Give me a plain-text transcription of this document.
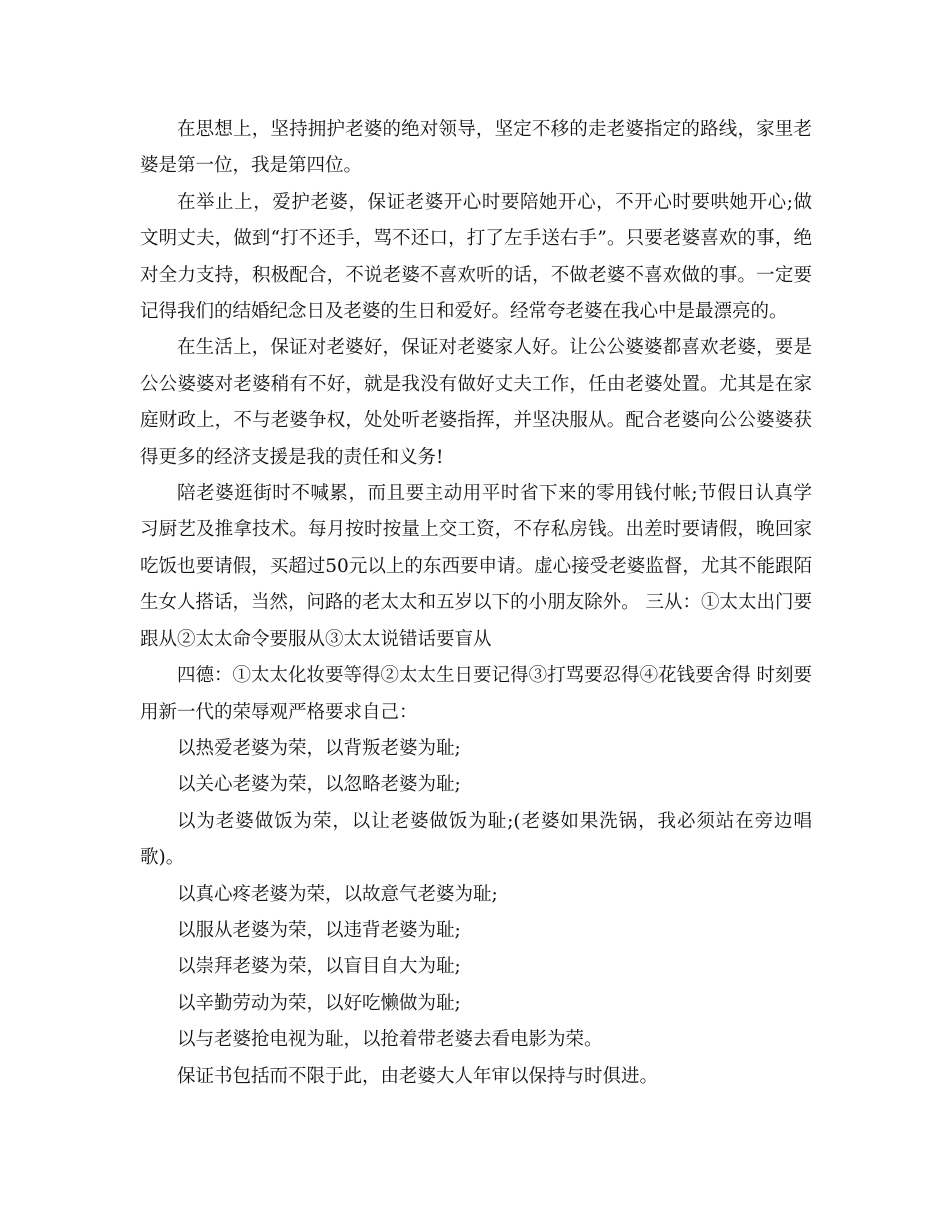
在思想上，坚持拥护老婆的绝对领导，坚定不移的走老婆指定的路线，家里老婆是第一位，我是第四位。

在举止上，爱护老婆，保证老婆开心时要陪她开心，不开心时要哄她开心;做文明丈夫，做到“打不还手，骂不还口，打了左手送右手”。只要老婆喜欢的事，绝对全力支持，积极配合，不说老婆不喜欢听的话，不做老婆不喜欢做的事。一定要记得我们的结婚纪念日及老婆的生日和爱好。经常夸老婆在我心中是最漂亮的。

在生活上，保证对老婆好，保证对老婆家人好。让公公婆婆都喜欢老婆，要是公公婆婆对老婆稍有不好，就是我没有做好丈夫工作，任由老婆处置。尤其是在家庭财政上，不与老婆争权，处处听老婆指挥，并坚决服从。配合老婆向公公婆婆获得更多的经济支援是我的责任和义务!

陪老婆逛街时不喊累，而且要主动用平时省下来的零用钱付帐;节假日认真学习厨艺及推拿技术。每月按时按量上交工资，不存私房钱。出差时要请假，晚回家吃饭也要请假，买超过50元以上的东西要申请。虚心接受老婆监督，尤其不能跟陌生女人搭话，当然，问路的老太太和五岁以下的小朋友除外。 三从：①太太出门要跟从②太太命令要服从③太太说错话要盲从

四德：①太太化妆要等得②太太生日要记得③打骂要忍得④花钱要舍得 时刻要用新一代的荣辱观严格要求自己：

以热爱老婆为荣，以背叛老婆为耻;

以关心老婆为荣，以忽略老婆为耻;

以为老婆做饭为荣，以让老婆做饭为耻;(老婆如果洗锅，我必须站在旁边唱歌)。

以真心疼老婆为荣，以故意气老婆为耻;

以服从老婆为荣，以违背老婆为耻;

以崇拜老婆为荣，以盲目自大为耻;

以辛勤劳动为荣，以好吃懒做为耻;

以与老婆抢电视为耻，以抢着带老婆去看电影为荣。

保证书包括而不限于此，由老婆大人年审以保持与时俱进。
